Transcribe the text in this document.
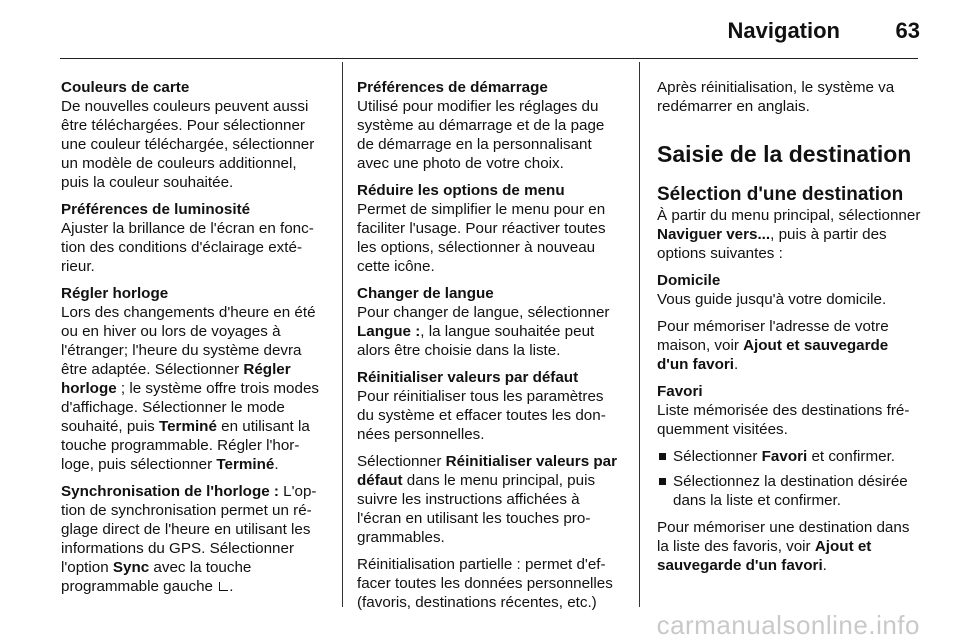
Navigation	63
Couleurs de carte

De nouvelles couleurs peuvent aussi être téléchargées. Pour sélectionner une couleur téléchargée, sélectionner un modèle de couleurs additionnel, puis la couleur souhaitée.

Préférences de luminosité

Ajuster la brillance de l'écran en fonction des conditions d'éclairage extérieur.

Régler horloge

Lors des changements d'heure en été ou en hiver ou lors de voyages à l'étranger; l'heure du système devra être adaptée. Sélectionner Régler horloge ; le système offre trois modes d'affichage. Sélectionner le mode souhaité, puis Terminé en utilisant la touche programmable. Régler l'horloge, puis sélectionner Terminé.

Synchronisation de l'horloge : L'option de synchronisation permet un réglage direct de l'heure en utilisant les informations du GPS. Sélectionner l'option Sync avec la touche programmable gauche .

Préférences de démarrage

Utilisé pour modifier les réglages du système au démarrage et de la page de démarrage en la personnalisant avec une photo de votre choix.

Réduire les options de menu

Permet de simplifier le menu pour en faciliter l'usage. Pour réactiver toutes les options, sélectionner à nouveau cette icône.

Changer de langue

Pour changer de langue, sélectionner Langue :, la langue souhaitée peut alors être choisie dans la liste.

Réinitialiser valeurs par défaut

Pour réinitialiser tous les paramètres du système et effacer toutes les données personnelles.

Sélectionner Réinitialiser valeurs par défaut dans le menu principal, puis suivre les instructions affichées à l'écran en utilisant les touches programmables.

Réinitialisation partielle : permet d'effacer toutes les données personnelles (favoris, destinations récentes, etc.)

Après réinitialisation, le système va redémarrer en anglais.

Saisie de la destination
Sélection d'une destination

À partir du menu principal, sélectionner Naviguer vers..., puis à partir des options suivantes :

Domicile

Vous guide jusqu'à votre domicile.

Pour mémoriser l'adresse de votre maison, voir Ajout et sauvegarde d'un favori.

Favori

Liste mémorisée des destinations fréquemment visitées.

Sélectionner Favori et confirmer.
Sélectionnez la destination désirée dans la liste et confirmer.

Pour mémoriser une destination dans la liste des favoris, voir Ajout et sauvegarde d'un favori.

carmanualsonline.info
